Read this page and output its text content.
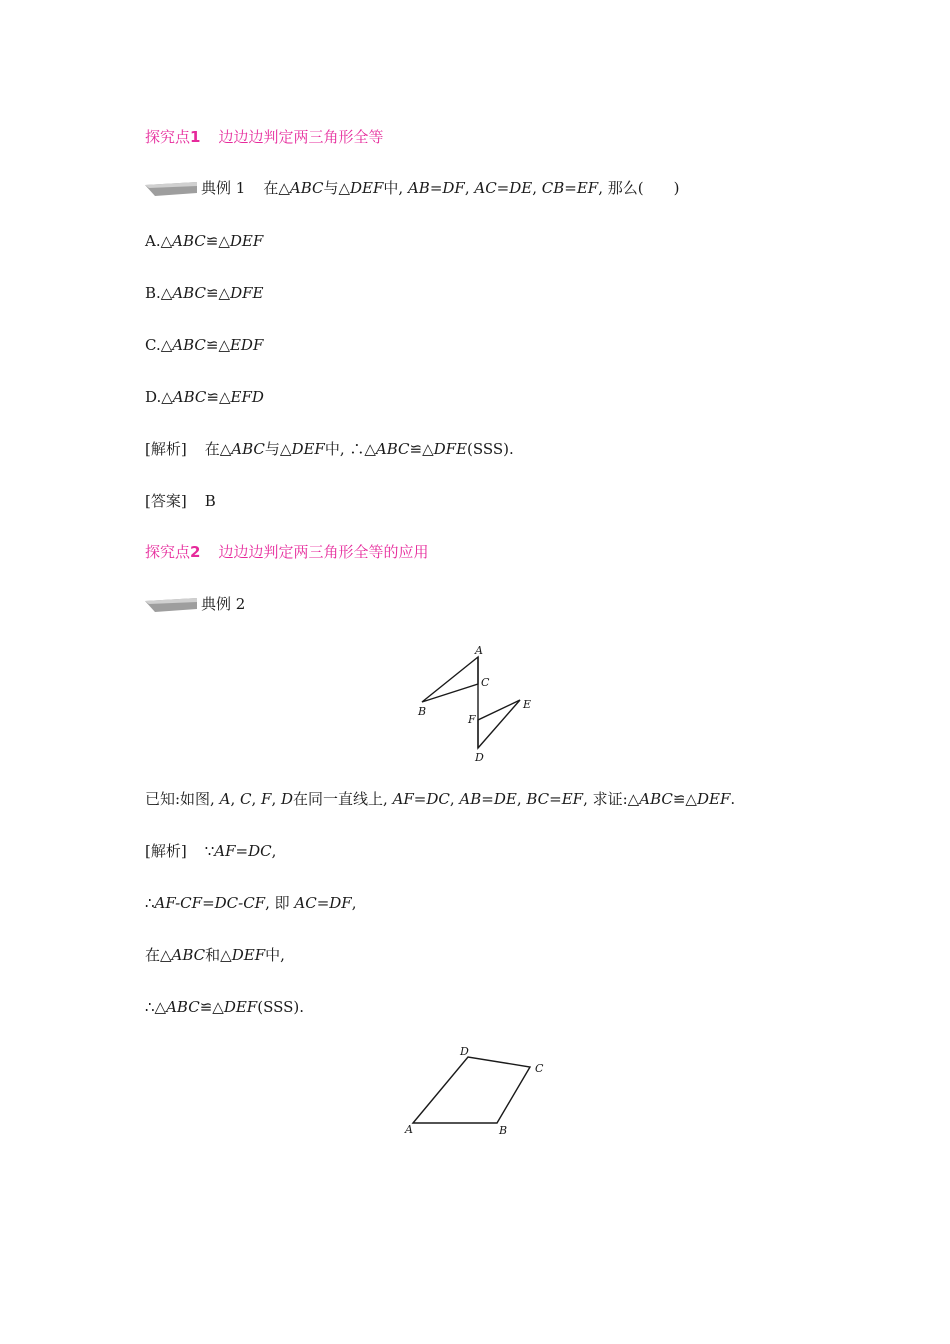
探究点1 边边边判定两三角形全等
典例 1 在△ABC与△DEF中, AB=DF, AC=DE, CB=EF, 那么(　　)
A.△ABC≌△DEF
B.△ABC≌△DFE
C.△ABC≌△EDF
D.△ABC≌△EFD
[解析] 在△ABC与△DEF中, ∴△ABC≌△DFE(SSS).
[答案] B
探究点2 边边边判定两三角形全等的应用
典例 2
A
B
C
D
E
F
已知:如图, A, C, F, D在同一直线上, AF=DC, AB=DE, BC=EF, 求证:△ABC≌△DEF.
[解析] ∵AF=DC,
∴AF-CF=DC-CF, 即 AC=DF,
在△ABC和△DEF中,
∴△ABC≌△DEF(SSS).
A	B
C
D
